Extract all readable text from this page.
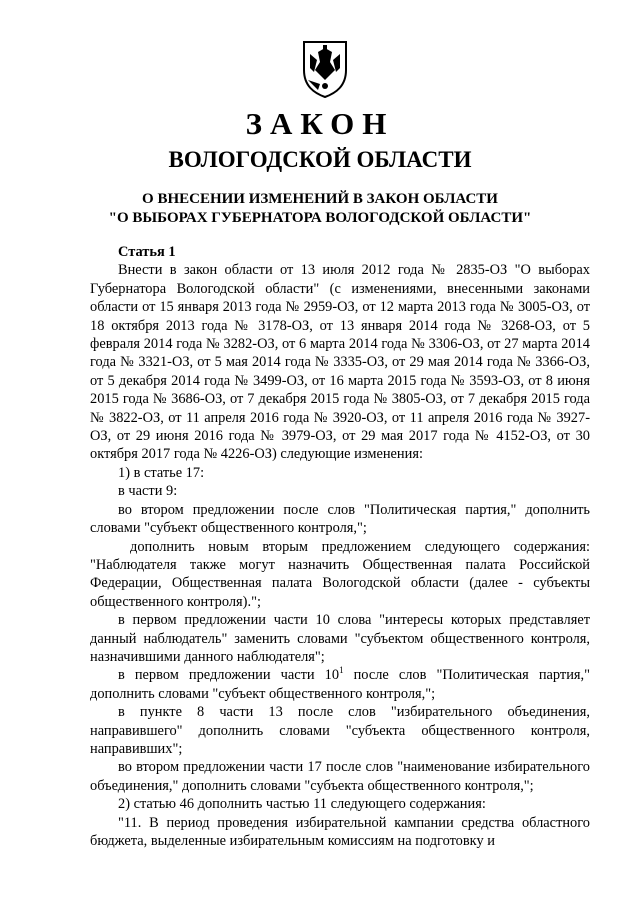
ЗАКОН
ВОЛОГОДСКОЙ ОБЛАСТИ
О ВНЕСЕНИИ ИЗМЕНЕНИЙ В ЗАКОН ОБЛАСТИ
"О ВЫБОРАХ ГУБЕРНАТОРА ВОЛОГОДСКОЙ ОБЛАСТИ"

Статья 1

Внести в закон области от 13 июля 2012 года № 2835-ОЗ "О выборах Губернатора Вологодской области" (с изменениями, внесенными законами области от 15 января 2013 года № 2959-ОЗ, от 12 марта 2013 года № 3005-ОЗ, от 18 октября 2013 года № 3178-ОЗ, от 13 января 2014 года № 3268-ОЗ, от 5 февраля 2014 года № 3282-ОЗ, от 6 марта 2014 года № 3306-ОЗ, от 27 марта 2014 года № 3321-ОЗ, от 5 мая 2014 года № 3335-ОЗ, от 29 мая 2014 года № 3366-ОЗ, от 5 декабря 2014 года № 3499-ОЗ, от 16 марта 2015 года № 3593-ОЗ, от 8 июня 2015 года № 3686-ОЗ, от 7 декабря 2015 года № 3805-ОЗ, от 7 декабря 2015 года № 3822-ОЗ, от 11 апреля 2016 года № 3920-ОЗ, от 11 апреля 2016 года № 3927-ОЗ, от 29 июня 2016 года № 3979-ОЗ, от 29 мая 2017 года № 4152-ОЗ, от 30 октября 2017 года № 4226-ОЗ) следующие изменения:

1) в статье 17:

в части 9:

во втором предложении после слов "Политическая партия," дополнить словами "субъект общественного контроля,";

дополнить новым вторым предложением следующего содержания: "Наблюдателя также могут назначить Общественная палата Российской Федерации, Общественная палата Вологодской области (далее - субъекты общественного контроля).";

в первом предложении части 10 слова "интересы которых представляет данный наблюдатель" заменить словами "субъектом общественного контроля, назначившими данного наблюдателя";

в первом предложении части $10^1$ после слов "Политическая партия," дополнить словами "субъект общественного контроля,";

в пункте 8 части 13 после слов "избирательного объединения, направившего" дополнить словами "субъекта общественного контроля, направивших";

во втором предложении части 17 после слов "наименование избирательного объединения," дополнить словами "субъекта общественного контроля,";

2) статью 46 дополнить частью 11 следующего содержания:

"11. В период проведения избирательной кампании средства областного бюджета, выделенные избирательным комиссиям на подготовку и
